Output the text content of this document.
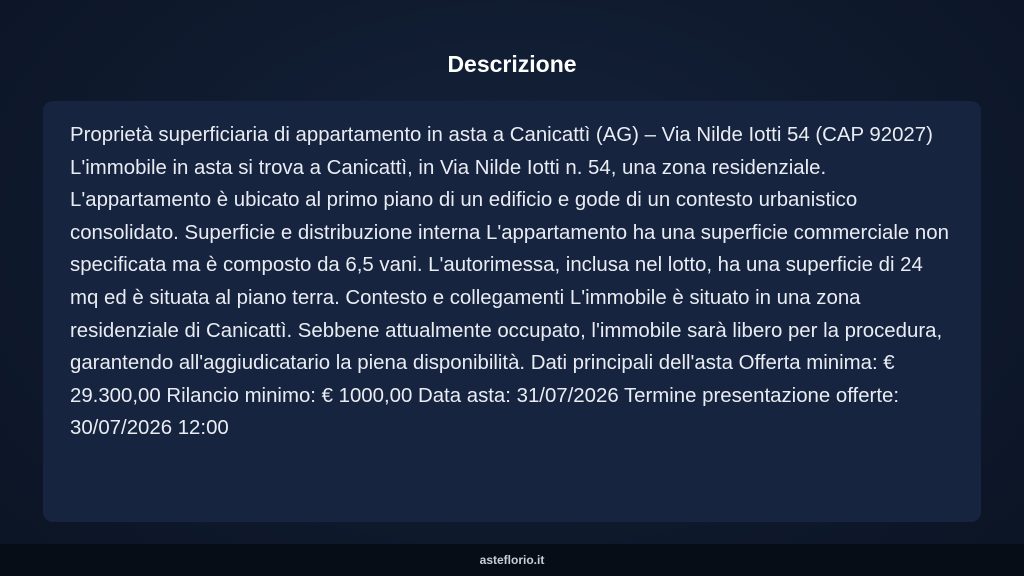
Descrizione

Proprietà superficiaria di appartamento in asta a Canicattì (AG) – Via Nilde Iotti 54 (CAP 92027) L'immobile in asta si trova a Canicattì, in Via Nilde Iotti n. 54, una zona residenziale. L'appartamento è ubicato al primo piano di un edificio e gode di un contesto urbanistico consolidato. Superficie e distribuzione interna L'appartamento ha una superficie commerciale non specificata ma è composto da 6,5 vani. L'autorimessa, inclusa nel lotto, ha una superficie di 24 mq ed è situata al piano terra. Contesto e collegamenti L'immobile è situato in una zona residenziale di Canicattì. Sebbene attualmente occupato, l'immobile sarà libero per la procedura, garantendo all'aggiudicatario la piena disponibilità. Dati principali dell'asta Offerta minima: € 29.300,00 Rilancio minimo: € 1000,00 Data asta: 31/07/2026 Termine presentazione offerte: 30/07/2026 12:00

asteflorio.it
